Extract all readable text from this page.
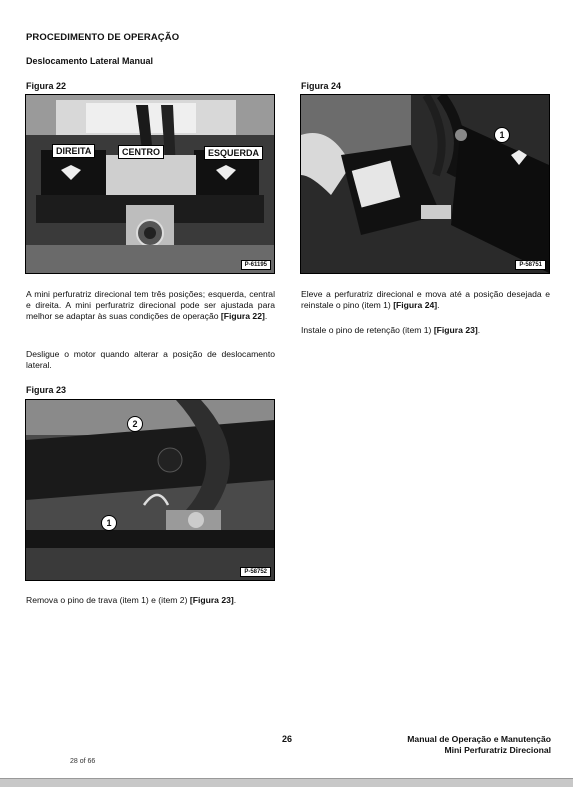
PROCEDIMENTO DE OPERAÇÃO
Deslocamento Lateral Manual
Figura 22
DIREITA	CENTRO	ESQUERDA
P-61195
A mini perfuratriz direcional tem três posições; esquerda, central e direita. A mini perfuratriz direcional pode ser ajustada para melhor se adaptar às suas condições de operação [Figura 22].
Desligue o motor quando alterar a posição de deslocamento lateral.
Figura 23
2
1
P-58752
Remova o pino de trava (item 1) e (item 2) [Figura 23].
Figura 24
1
P-58751
Eleve a perfuratriz direcional e mova até a posição desejada e reinstale o pino (item 1) [Figura 24].
Instale o pino de retenção (item 1) [Figura 23].
26	Manual de Operação e Manutenção
Mini Perfuratriz Direcional
28 of 66
